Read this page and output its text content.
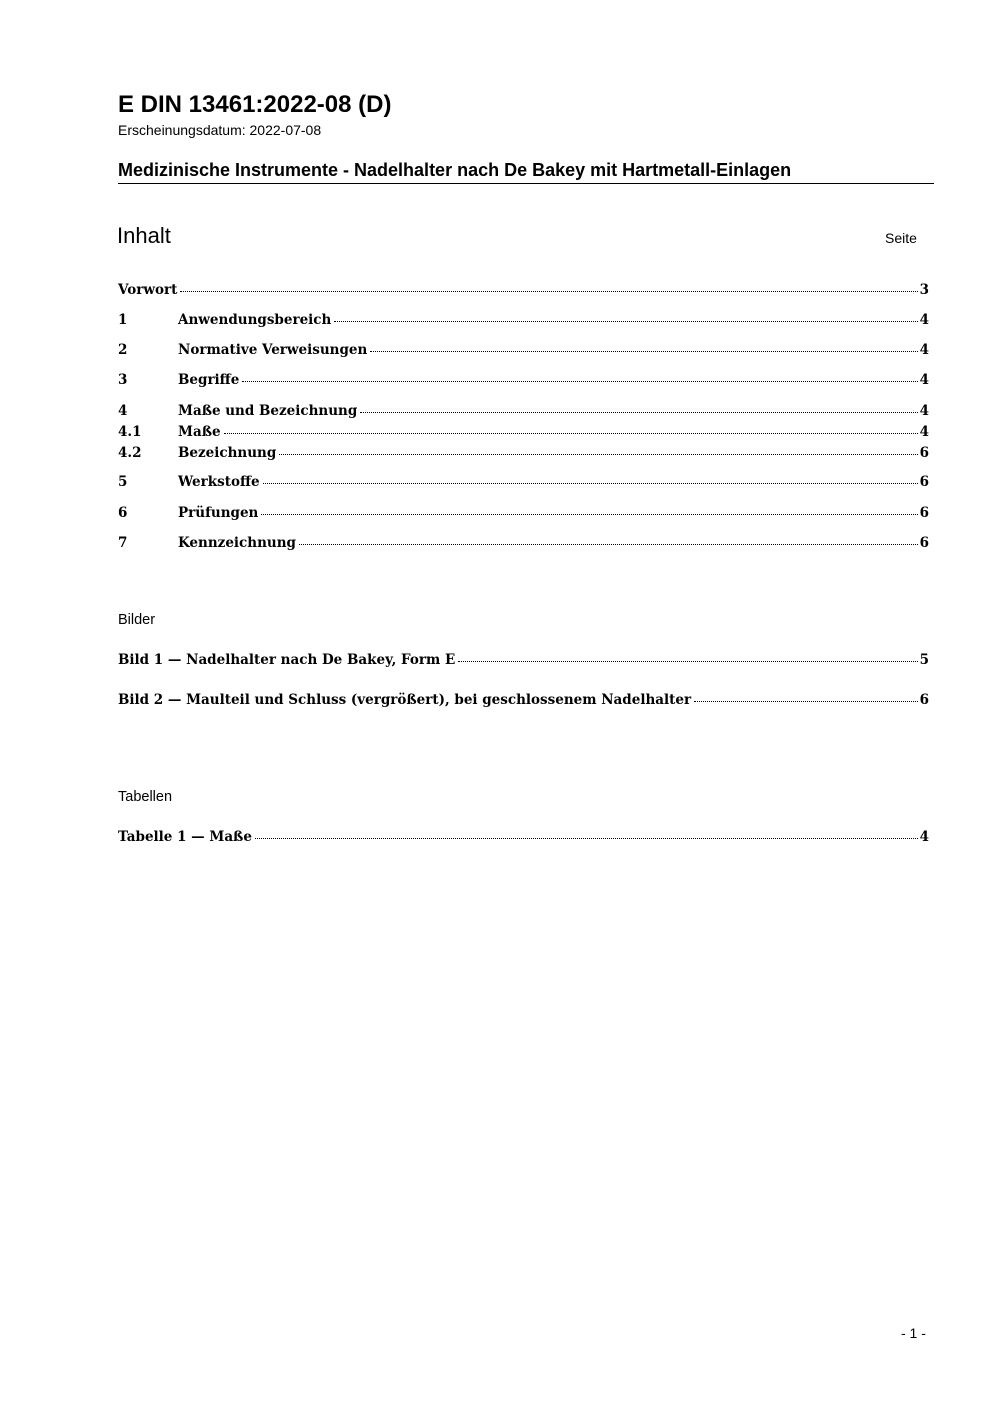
E DIN 13461:2022-08 (D)
Erscheinungsdatum: 2022-07-08
Medizinische Instrumente - Nadelhalter nach De Bakey mit Hartmetall-Einlagen
Inhalt	Seite
Vorwort	3
1	Anwendungsbereich	4
2	Normative Verweisungen	4
3	Begriffe	4
4	Maße und Bezeichnung	4
4.1	Maße	4
4.2	Bezeichnung	6
5	Werkstoffe	6
6	Prüfungen	6
7	Kennzeichnung	6
Bilder
Bild 1 — Nadelhalter nach De Bakey, Form E	5
Bild 2 — Maulteil und Schluss (vergrößert), bei geschlossenem Nadelhalter	6
Tabellen
Tabelle 1 — Maße	4
- 1 -
